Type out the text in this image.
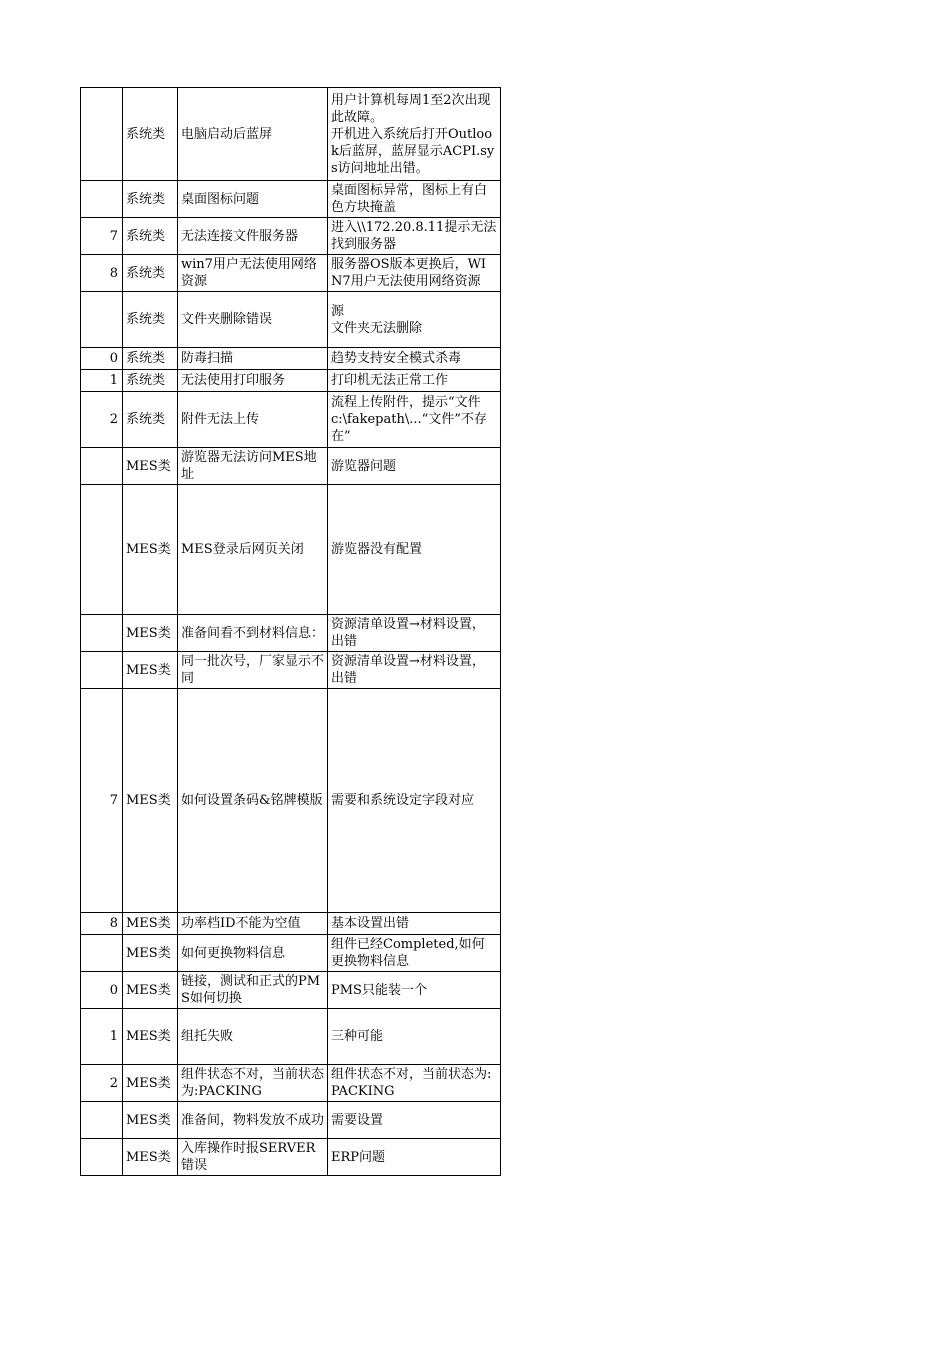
	系统类	电脑启动后蓝屏	用户计算机每周1至2次出现此故障。
开机进入系统后打开Outlook后蓝屏，蓝屏显示ACPI.sys访问地址出错。

	系统类	桌面图标问题	桌面图标异常，图标上有白色方块掩盖

7	系统类	无法连接文件服务器	进入\\172.20.8.11提示无法找到服务器

8	系统类	win7用户无法使用网络资源	服务器OS版本更换后，WIN7用户无法使用网络资源

	系统类	文件夹删除错误	源
文件夹无法删除

0	系统类	防毒扫描	趋势支持安全模式杀毒

1	系统类	无法使用打印服务	打印机无法正常工作

2	系统类	附件无法上传	流程上传附件，提示“文件c:\fakepath\...“文件”不存在”

	MES类	游览器无法访问MES地址	游览器问题

	MES类	MES登录后网页关闭	游览器没有配置

	MES类	准备间看不到材料信息：	资源清单设置→材料设置，出错

	MES类	同一批次号，厂家显示不同	资源清单设置→材料设置，出错

7	MES类	如何设置条码&铭牌模版	需要和系统设定字段对应

8	MES类	功率档ID不能为空值	基本设置出错

	MES类	如何更换物料信息	组件已经Completed,如何更换物料信息

0	MES类	链接，测试和正式的PMS如何切换	PMS只能装一个

1	MES类	组托失败	三种可能

2	MES类	组件状态不对，当前状态为:PACKING	组件状态不对，当前状态为:PACKING

	MES类	准备间，物料发放不成功	需要设置

	MES类	入库操作时报SERVER错误	ERP问题
